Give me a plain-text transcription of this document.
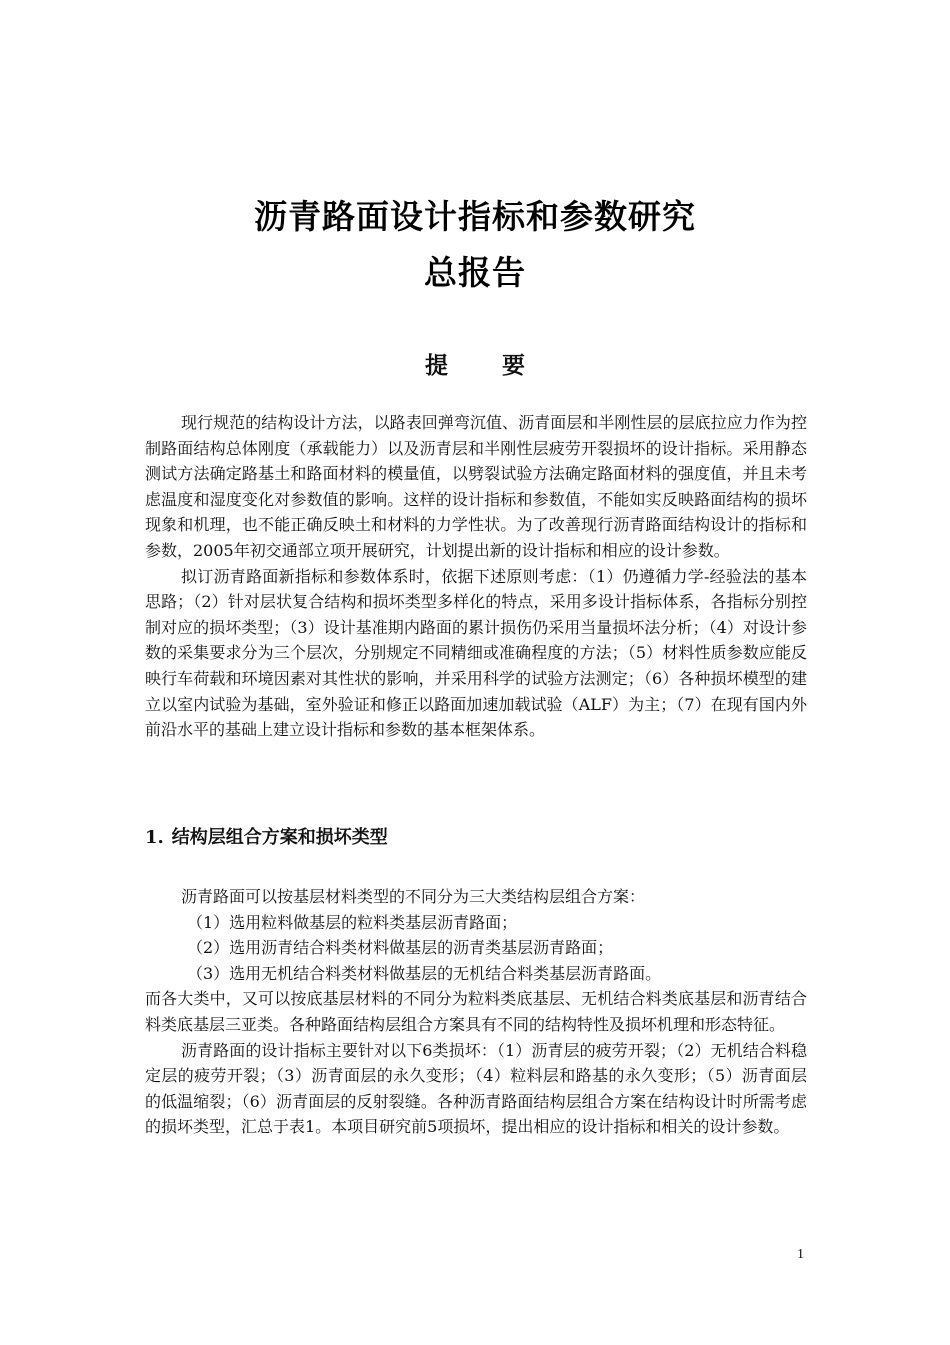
沥青路面设计指标和参数研究
总报告
提要

现行规范的结构设计方法，以路表回弹弯沉值、沥青面层和半刚性层的层底拉应力作为控制路面结构总体刚度（承载能力）以及沥青层和半刚性层疲劳开裂损坏的设计指标。采用静态测试方法确定路基土和路面材料的模量值，以劈裂试验方法确定路面材料的强度值，并且未考虑温度和湿度变化对参数值的影响。这样的设计指标和参数值，不能如实反映路面结构的损坏现象和机理，也不能正确反映土和材料的力学性状。为了改善现行沥青路面结构设计的指标和参数，2005年初交通部立项开展研究，计划提出新的设计指标和相应的设计参数。

拟订沥青路面新指标和参数体系时，依据下述原则考虑：（1）仍遵循力学-经验法的基本思路；（2）针对层状复合结构和损坏类型多样化的特点，采用多设计指标体系，各指标分别控制对应的损坏类型；（3）设计基准期内路面的累计损伤仍采用当量损坏法分析；（4）对设计参数的采集要求分为三个层次，分别规定不同精细或准确程度的方法；（5）材料性质参数应能反映行车荷载和环境因素对其性状的影响，并采用科学的试验方法测定；（6）各种损坏模型的建立以室内试验为基础，室外验证和修正以路面加速加载试验（ALF）为主；（7）在现有国内外前沿水平的基础上建立设计指标和参数的基本框架体系。

1. 结构层组合方案和损坏类型

沥青路面可以按基层材料类型的不同分为三大类结构层组合方案：

（1）选用粒料做基层的粒料类基层沥青路面；

（2）选用沥青结合料类材料做基层的沥青类基层沥青路面；

（3）选用无机结合料类材料做基层的无机结合料类基层沥青路面。

而各大类中，又可以按底基层材料的不同分为粒料类底基层、无机结合料类底基层和沥青结合料类底基层三亚类。各种路面结构层组合方案具有不同的结构特性及损坏机理和形态特征。

沥青路面的设计指标主要针对以下6类损坏：（1）沥青层的疲劳开裂；（2）无机结合料稳定层的疲劳开裂；（3）沥青面层的永久变形；（4）粒料层和路基的永久变形；（5）沥青面层的低温缩裂；（6）沥青面层的反射裂缝。各种沥青路面结构层组合方案在结构设计时所需考虑的损坏类型，汇总于表1。本项目研究前5项损坏，提出相应的设计指标和相关的设计参数。

1
